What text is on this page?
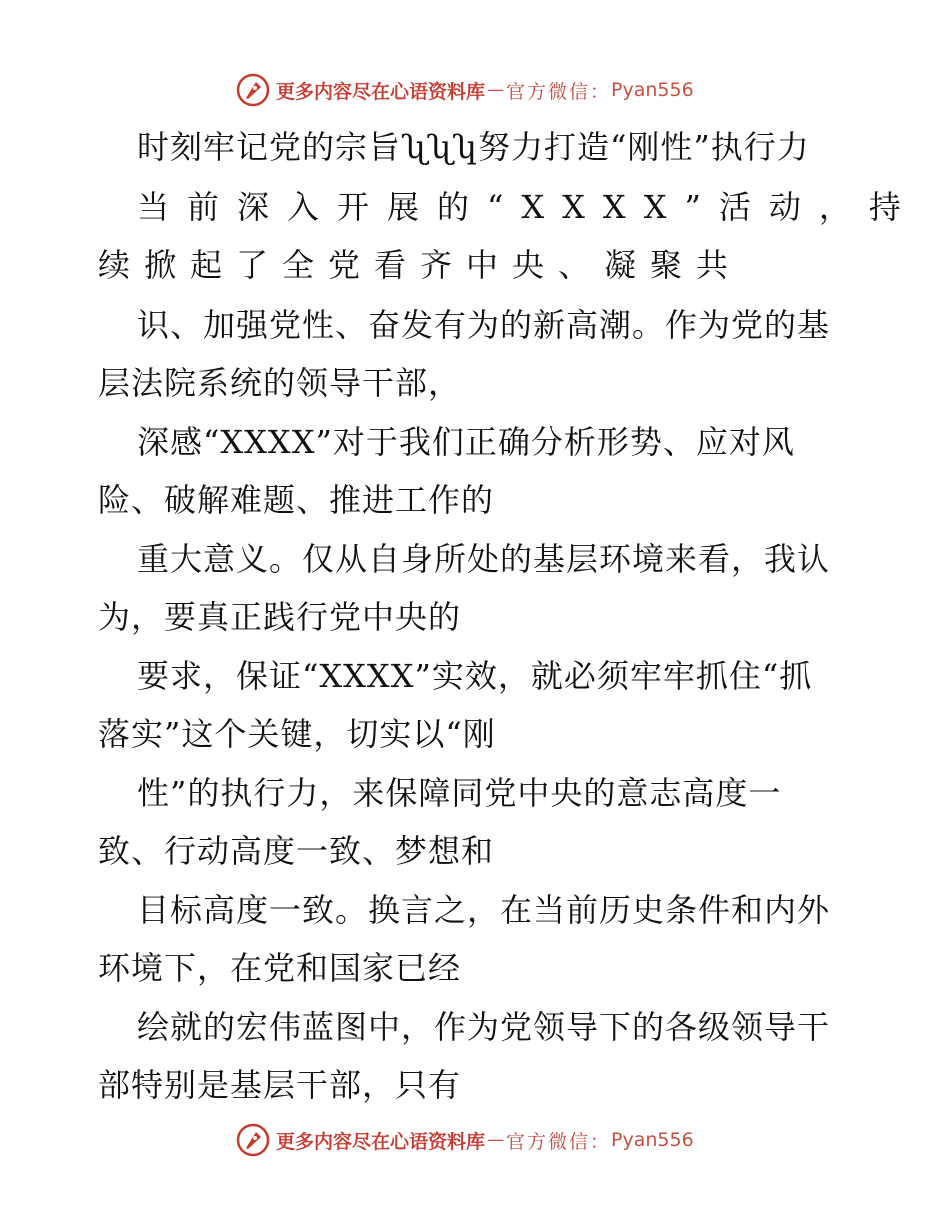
更多内容尽在心语资料库 — 官方微信： Pyan556
时刻牢记党的宗旨ʯʯʮ努力打造“刚性”执行力
当前深入开展的“XXXX”活动，持
续掀起了全党看齐中央、凝聚共
识、加强党性、奋发有为的新高潮。作为党的基
层法院系统的领导干部，
深感“XXXX”对于我们正确分析形势、应对风
险、破解难题、推进工作的
重大意义。仅从自身所处的基层环境来看，我认
为，要真正践行党中央的
要求，保证“XXXX”实效，就必须牢牢抓住“抓
落实”这个关键，切实以“刚
性”的执行力，来保障同党中央的意志高度一
致、行动高度一致、梦想和
目标高度一致。换言之，在当前历史条件和内外
环境下，在党和国家已经
绘就的宏伟蓝图中，作为党领导下的各级领导干
部特别是基层干部，只有
更多内容尽在心语资料库 — 官方微信： Pyan556
